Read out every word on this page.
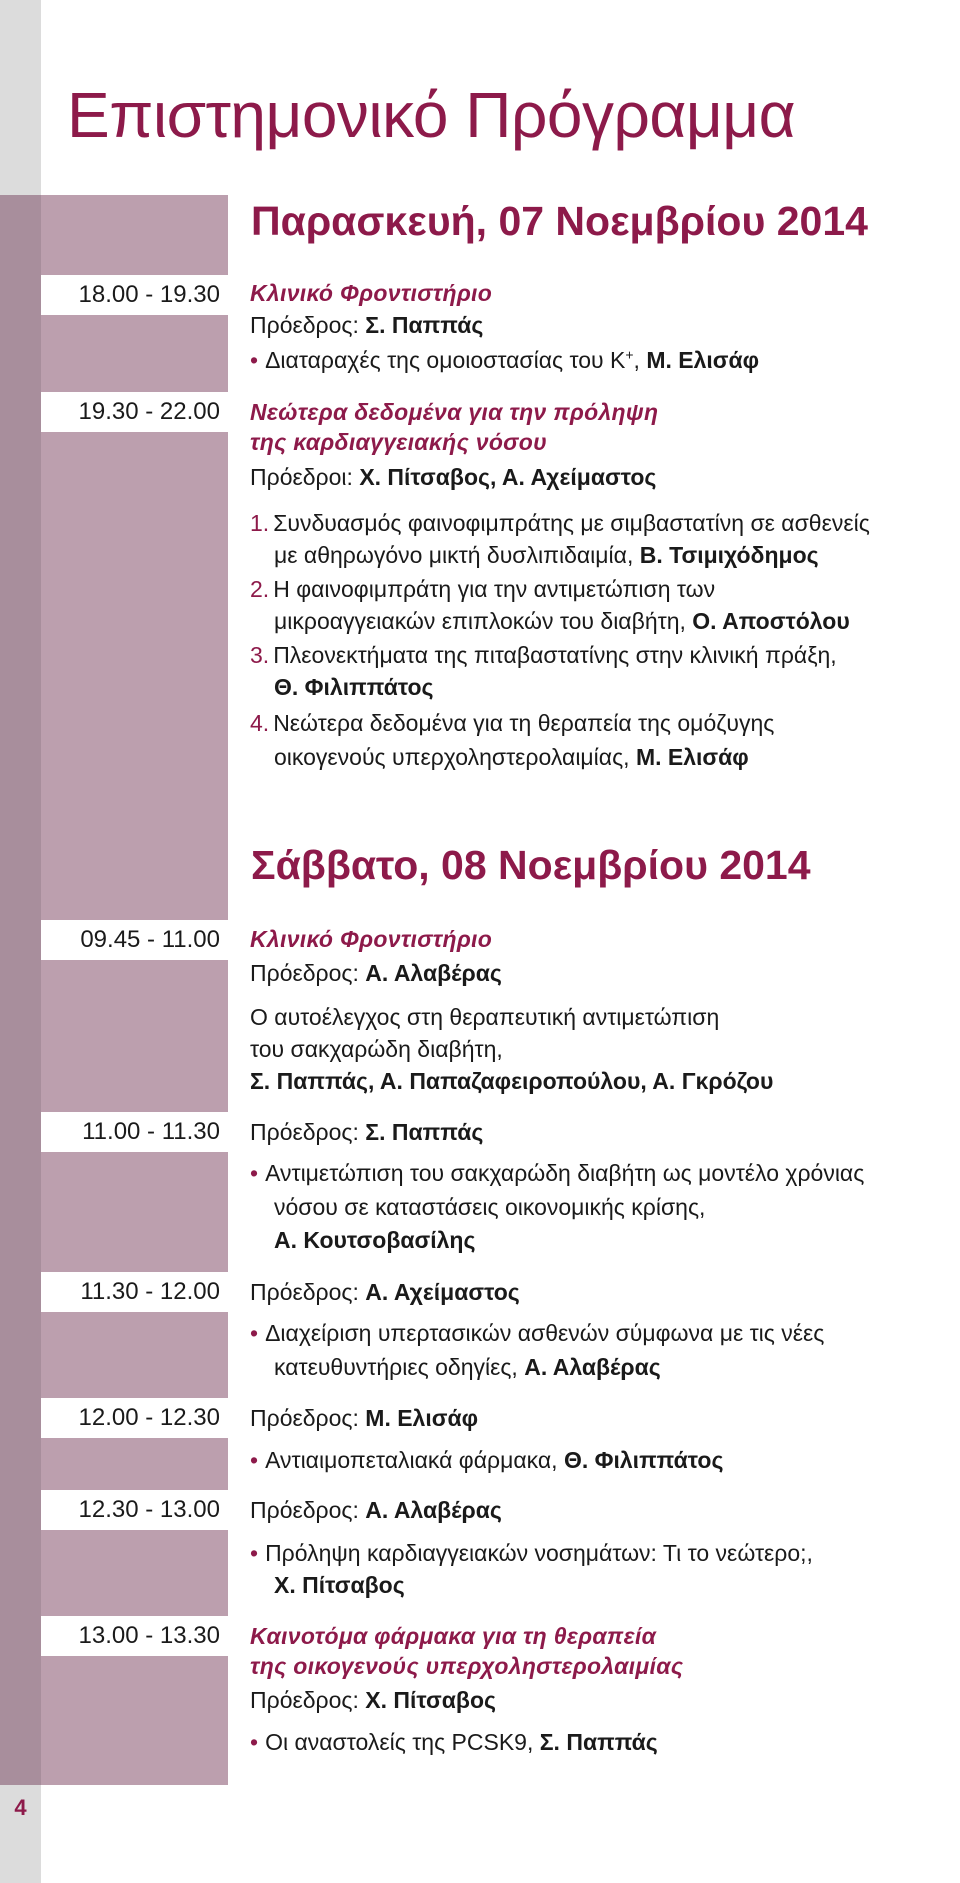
Επιστημονικό Πρόγραμμα
Παρασκευή, 07 Νοεμβρίου 2014
18.00 - 19.30	Κλινικό Φροντιστήριο
Πρόεδρος: Σ. Παππάς
• Διαταραχές της ομοιοστασίας του Κ+, Μ. Ελισάφ
19.30 - 22.00	Νεώτερα δεδομένα για την πρόληψη
της καρδιαγγειακής νόσου
Πρόεδροι: Χ. Πίτσαβος, Α. Αχείμαστος
1. Συνδυασμός φαινοφιμπράτης με σιμβαστατίνη σε ασθενείς
με αθηρωγόνο μικτή δυσλιπιδαιμία, Β. Τσιμιχόδημος
2. Η φαινοφιμπράτη για την αντιμετώπιση των
μικροαγγειακών επιπλοκών του διαβήτη, Ο. Αποστόλου
3. Πλεονεκτήματα της πιταβαστατίνης στην κλινική πράξη,
Θ. Φιλιππάτος
4. Νεώτερα δεδομένα για τη θεραπεία της ομόζυγης
οικογενούς υπερχοληστερολαιμίας, Μ. Ελισάφ
Σάββατο, 08 Νοεμβρίου 2014
09.45 - 11.00	Κλινικό Φροντιστήριο
Πρόεδρος: Α. Αλαβέρας
Ο αυτοέλεγχος στη θεραπευτική αντιμετώπιση
του σακχαρώδη διαβήτη,
Σ. Παππάς, Α. Παπαζαφειροπούλου, Α. Γκρόζου
11.00 - 11.30	Πρόεδρος: Σ. Παππάς
• Αντιμετώπιση του σακχαρώδη διαβήτη ως μοντέλο χρόνιας
νόσου σε καταστάσεις οικονομικής κρίσης,
Α. Κουτσοβασίλης
11.30 - 12.00	Πρόεδρος: Α. Αχείμαστος
• Διαχείριση υπερτασικών ασθενών σύμφωνα με τις νέες
κατευθυντήριες οδηγίες, Α. Αλαβέρας
12.00 - 12.30	Πρόεδρος: Μ. Ελισάφ
• Αντιαιμοπεταλιακά φάρμακα, Θ. Φιλιππάτος
12.30 - 13.00	Πρόεδρος: Α. Αλαβέρας
• Πρόληψη καρδιαγγειακών νοσημάτων: Τι το νεώτερο;,
Χ. Πίτσαβος
13.00 - 13.30	Καινοτόμα φάρμακα για τη θεραπεία
της οικογενούς υπερχοληστερολαιμίας
Πρόεδρος: Χ. Πίτσαβος
• Οι αναστολείς της PCSK9, Σ. Παππάς
4
